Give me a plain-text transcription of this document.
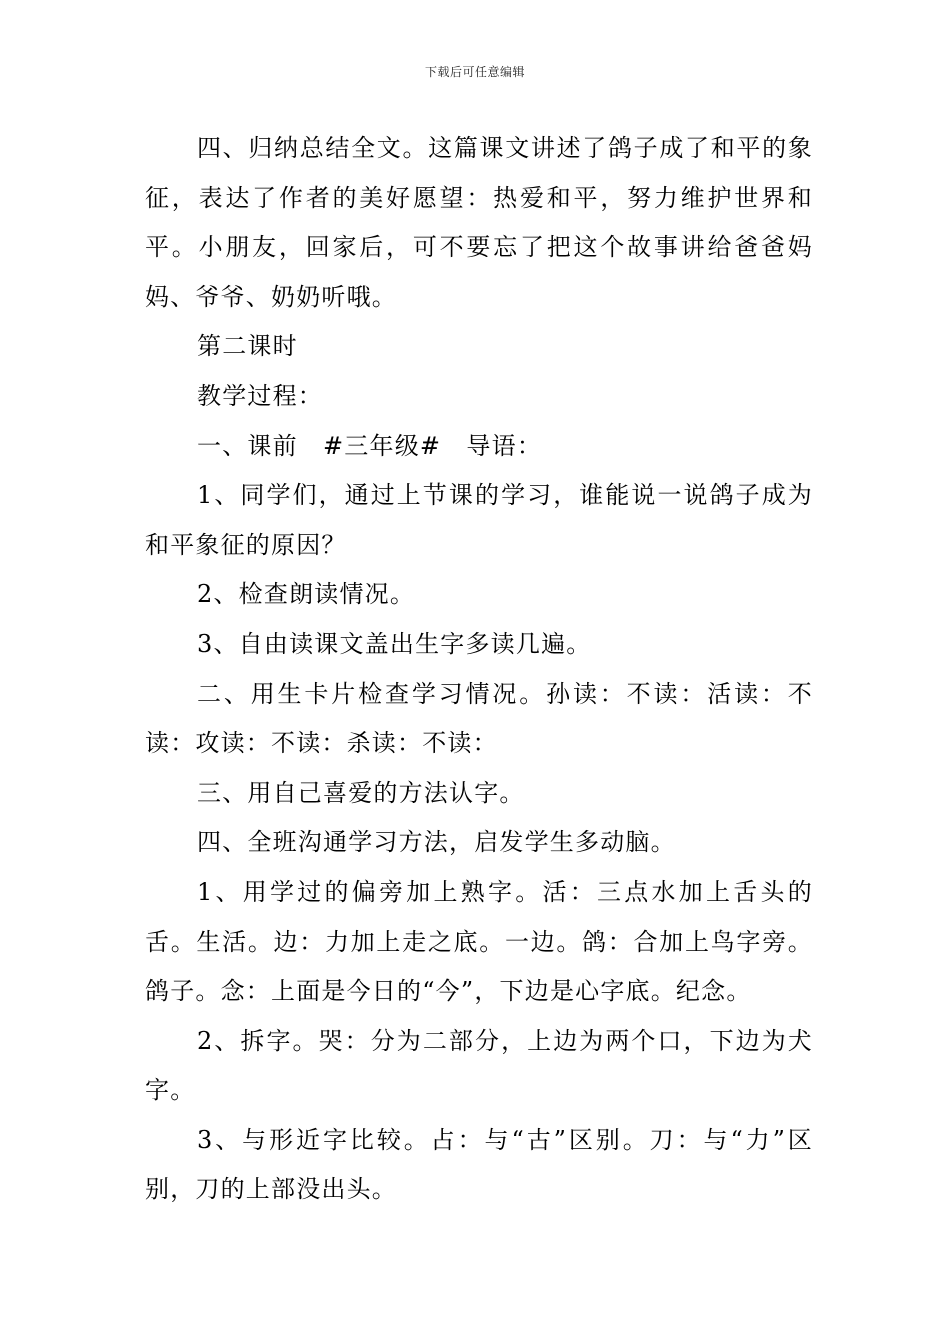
下载后可任意编辑

四、归纳总结全文。这篇课文讲述了鸽子成了和平的象征，表达了作者的美好愿望：热爱和平，努力维护世界和平。小朋友，回家后，可不要忘了把这个故事讲给爸爸妈妈、爷爷、奶奶听哦。

第二课时

教学过程：

一、课前　#三年级#　导语：

1、同学们，通过上节课的学习，谁能说一说鸽子成为和平象征的原因？

2、检查朗读情况。

3、自由读课文盖出生字多读几遍。

二、用生卡片检查学习情况。孙读：不读：活读：不读：攻读：不读：杀读：不读：

三、用自己喜爱的方法认字。

四、全班沟通学习方法，启发学生多动脑。

1、用学过的偏旁加上熟字。活：三点水加上舌头的舌。生活。边：力加上走之底。一边。鸽：合加上鸟字旁。鸽子。念：上面是今日的“今”，下边是心字底。纪念。

2、拆字。哭：分为二部分，上边为两个口，下边为犬字。

3、与形近字比较。占：与“古”区别。刀：与“力”区别，刀的上部没出头。
